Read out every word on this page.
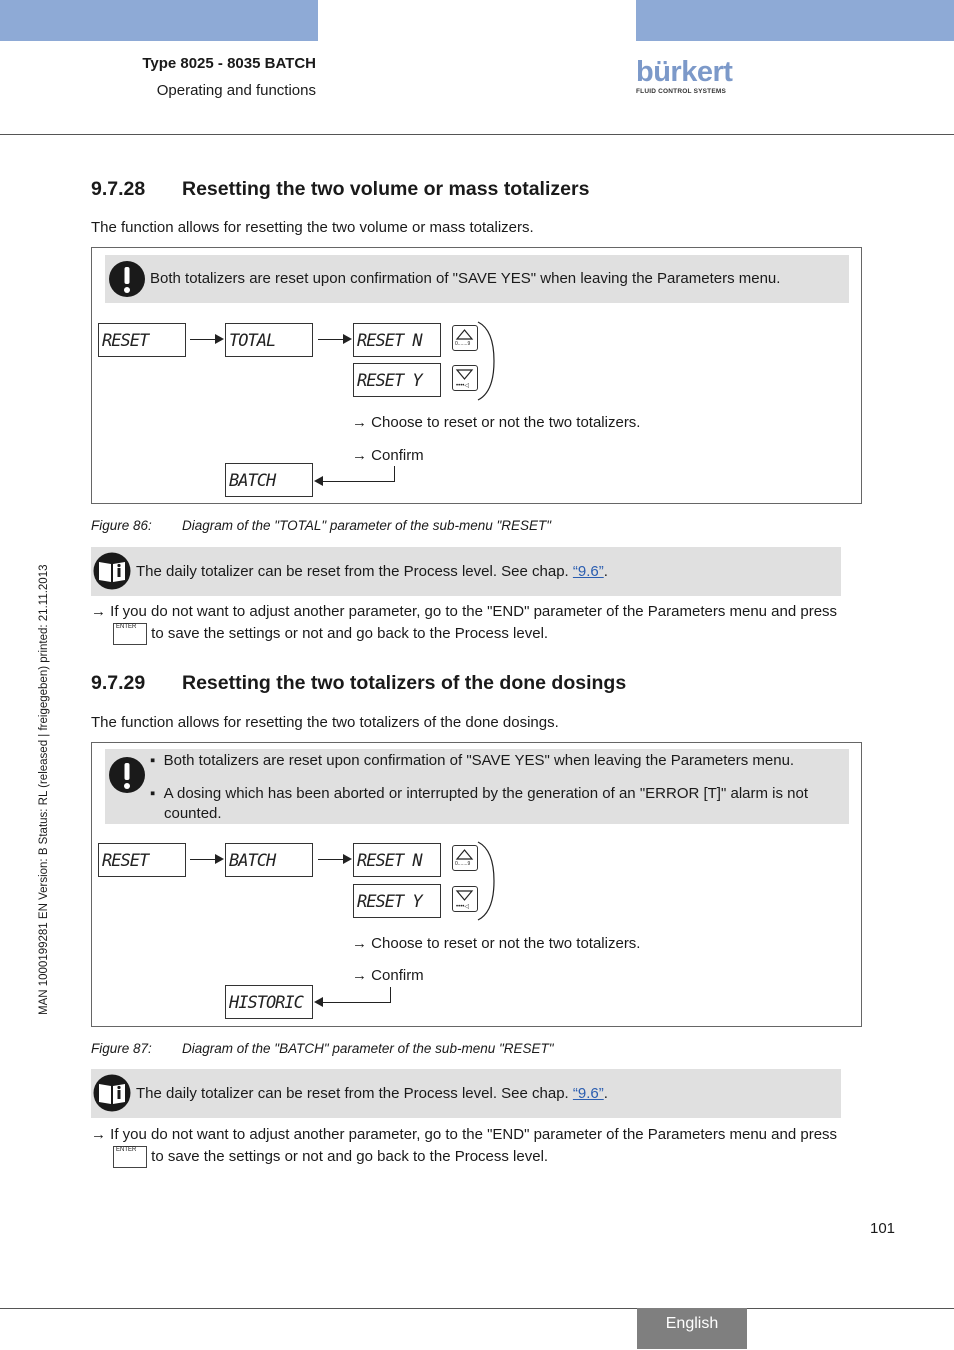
Type 8025 - 8035 BATCH
Operating and functions
bürkert
FLUID CONTROL SYSTEMS
MAN 1000199281 EN Version: B Status: RL (released | freigegeben) printed: 21.11.2013
9.7.28 Resetting the two volume or mass totalizers
The function allows for resetting the two volume or mass totalizers.
Both totalizers are reset upon confirmation of "SAVE YES" when leaving the Parameters menu.
RESET	TOTAL	RESET N
RESET Y
0.......9
••••◁
→ Choose to reset or not the two totalizers.
→ Confirm
BATCH
Figure 86: Diagram of the "TOTAL" parameter of the sub-menu "RESET"
The daily totalizer can be reset from the Process level. See chap. “9.6”.
→ If you do not want to adjust another parameter, go to the "END" parameter of the Parameters menu and press
ENTER to save the settings or not and go back to the Process level.
9.7.29 Resetting the two totalizers of the done dosings
The function allows for resetting the two totalizers of the done dosings.
▪  Both totalizers are reset upon confirmation of "SAVE YES" when leaving the Parameters menu.
▪  A dosing which has been aborted or interrupted by the generation of an "ERROR [T]" alarm is not
counted.
RESET	BATCH	RESET N
RESET Y
0.......9
••••◁
→ Choose to reset or not the two totalizers.
→ Confirm
HISTORIC
Figure 87: Diagram of the "BATCH" parameter of the sub-menu "RESET"
The daily totalizer can be reset from the Process level. See chap. “9.6”.
→ If you do not want to adjust another parameter, go to the "END" parameter of the Parameters menu and press
ENTER to save the settings or not and go back to the Process level.
101
English
